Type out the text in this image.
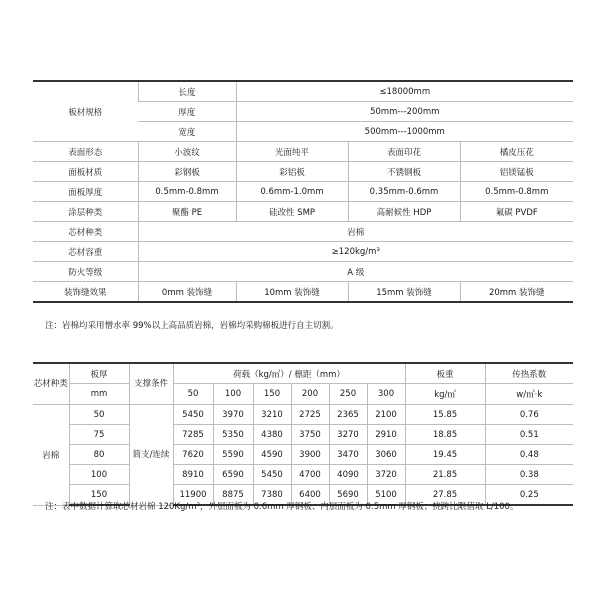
板材规格	长度	≤18000mm		
	厚度	50mm---200mm		
	宽度	500mm---1000mm		
表面形态	小波纹	光面纯平	表面印花	橘皮压花
面板材质	彩钢板	彩铝板	不锈钢板	铝镁锰板
面板厚度	0.5mm-0.8mm	0.6mm-1.0mm	0.35mm-0.6mm	0.5mm-0.8mm
涂层种类	聚酯 PE	硅改性 SMP	高耐候性 HDP	氟碳 PVDF
芯材种类	岩棉			
芯材容重	≥120kg/m³			
防火等级	A 级			
装饰缝效果	0mm 装饰缝	10mm 装饰缝	15mm 装饰缝	20mm 装饰缝
注：岩棉均采用憎水率 99%以上高品质岩棉，岩棉均采购棉板进行自主切割。
芯材种类	板厚	支撑条件	荷载（kg/㎡）/ 檩距（mm）						板重	传热系数
	mm		50	100	150	200	250	300	kg/㎡	w/㎡·k
岩棉	50	简支/连续	5450	3970	3210	2725	2365	2100	15.85	0.76
	75		7285	5350	4380	3750	3270	2910	18.85	0.51
	80		7620	5590	4590	3900	3470	3060	19.45	0.48
	100		8910	6590	5450	4700	4090	3720	21.85	0.38
	150		11900	8875	7380	6400	5690	5100	27.85	0.25
注：表中数据计算取芯材岩棉 120Kg/m³，外层面板为 0.6mm 厚钢板、内层面板为 0.5mm 厚钢板；挠跨比限值取 L/100。
